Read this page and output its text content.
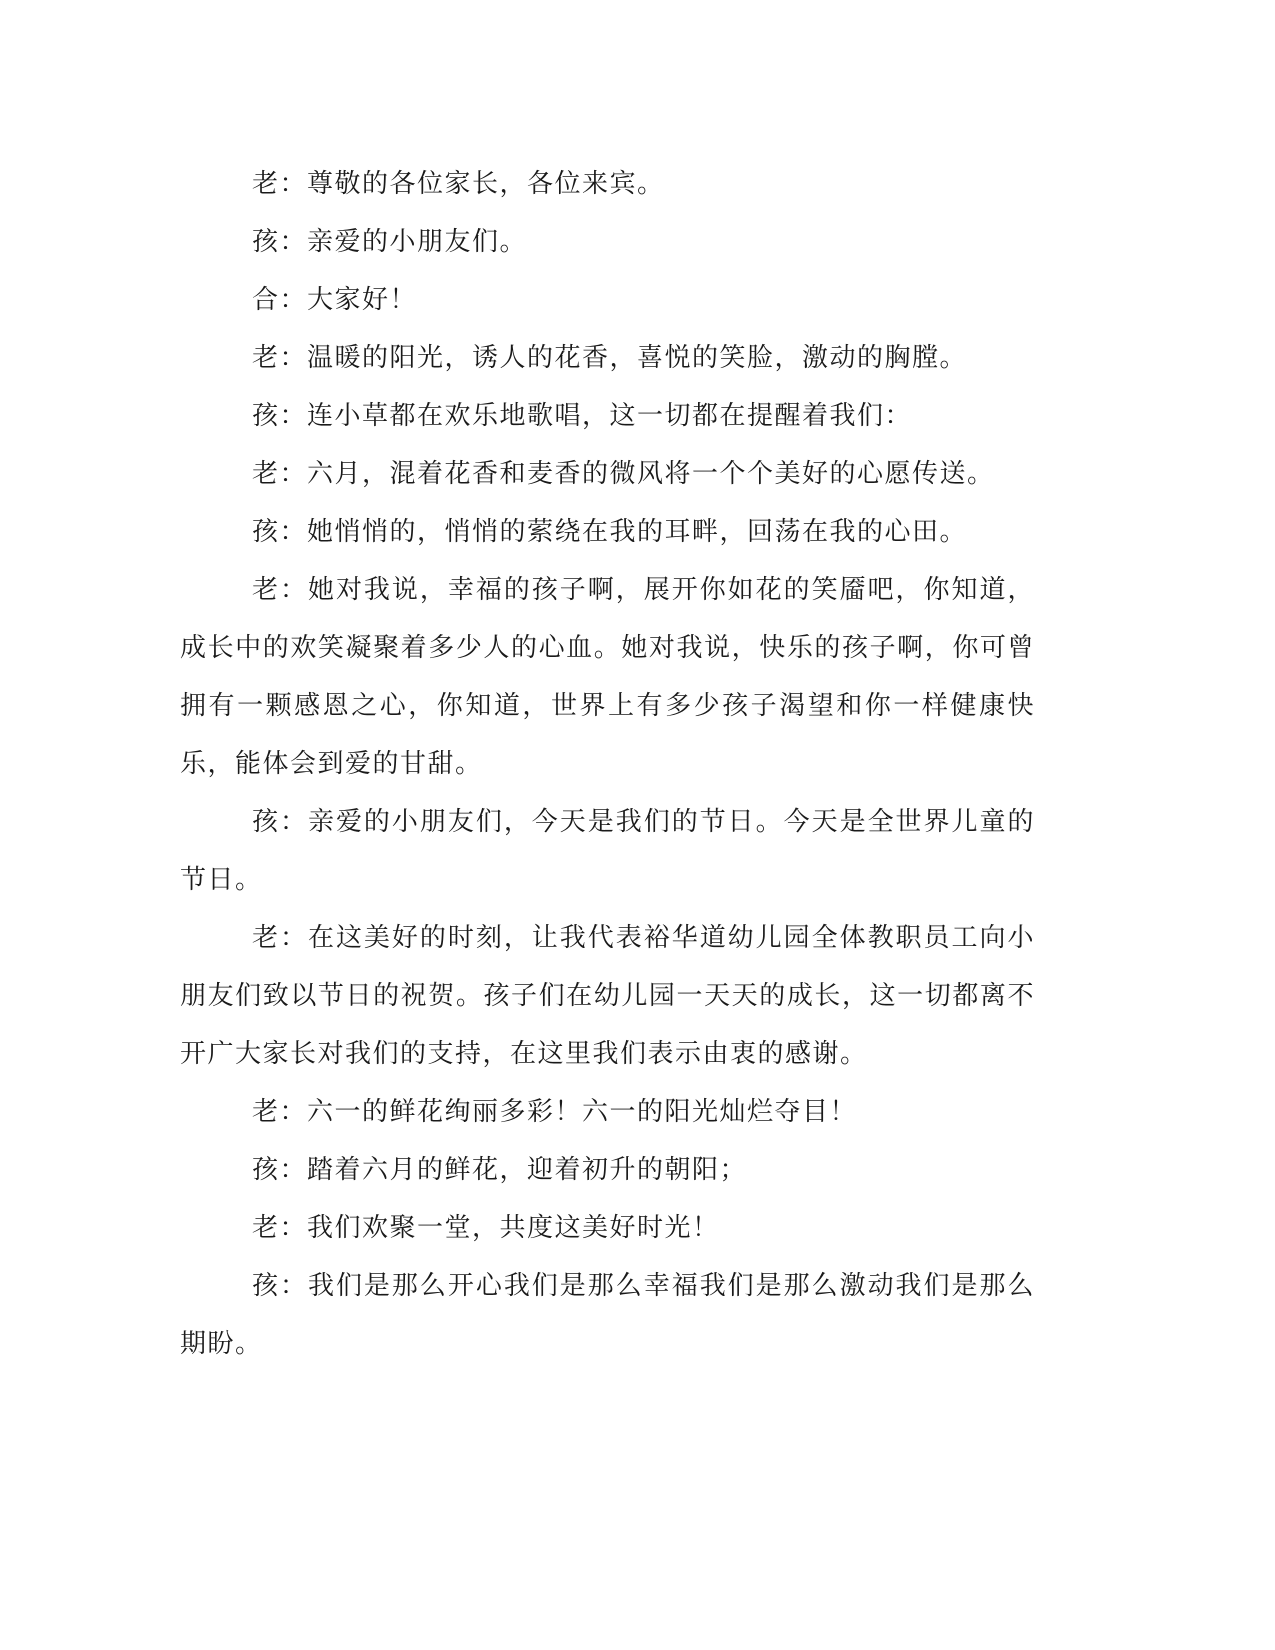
老：尊敬的各位家长，各位来宾。

孩：亲爱的小朋友们。

合：大家好！

老：温暖的阳光，诱人的花香，喜悦的笑脸，激动的胸膛。

孩：连小草都在欢乐地歌唱，这一切都在提醒着我们：

老：六月，混着花香和麦香的微风将一个个美好的心愿传送。

孩：她悄悄的，悄悄的萦绕在我的耳畔，回荡在我的心田。

老：她对我说，幸福的孩子啊，展开你如花的笑靥吧，你知道，成长中的欢笑凝聚着多少人的心血。她对我说，快乐的孩子啊，你可曾拥有一颗感恩之心，你知道，世界上有多少孩子渴望和你一样健康快乐，能体会到爱的甘甜。

孩：亲爱的小朋友们，今天是我们的节日。今天是全世界儿童的节日。

老：在这美好的时刻，让我代表裕华道幼儿园全体教职员工向小朋友们致以节日的祝贺。孩子们在幼儿园一天天的成长，这一切都离不开广大家长对我们的支持，在这里我们表示由衷的感谢。

老：六一的鲜花绚丽多彩！六一的阳光灿烂夺目！

孩：踏着六月的鲜花，迎着初升的朝阳；

老：我们欢聚一堂，共度这美好时光！

孩：我们是那么开心我们是那么幸福我们是那么激动我们是那么期盼。
